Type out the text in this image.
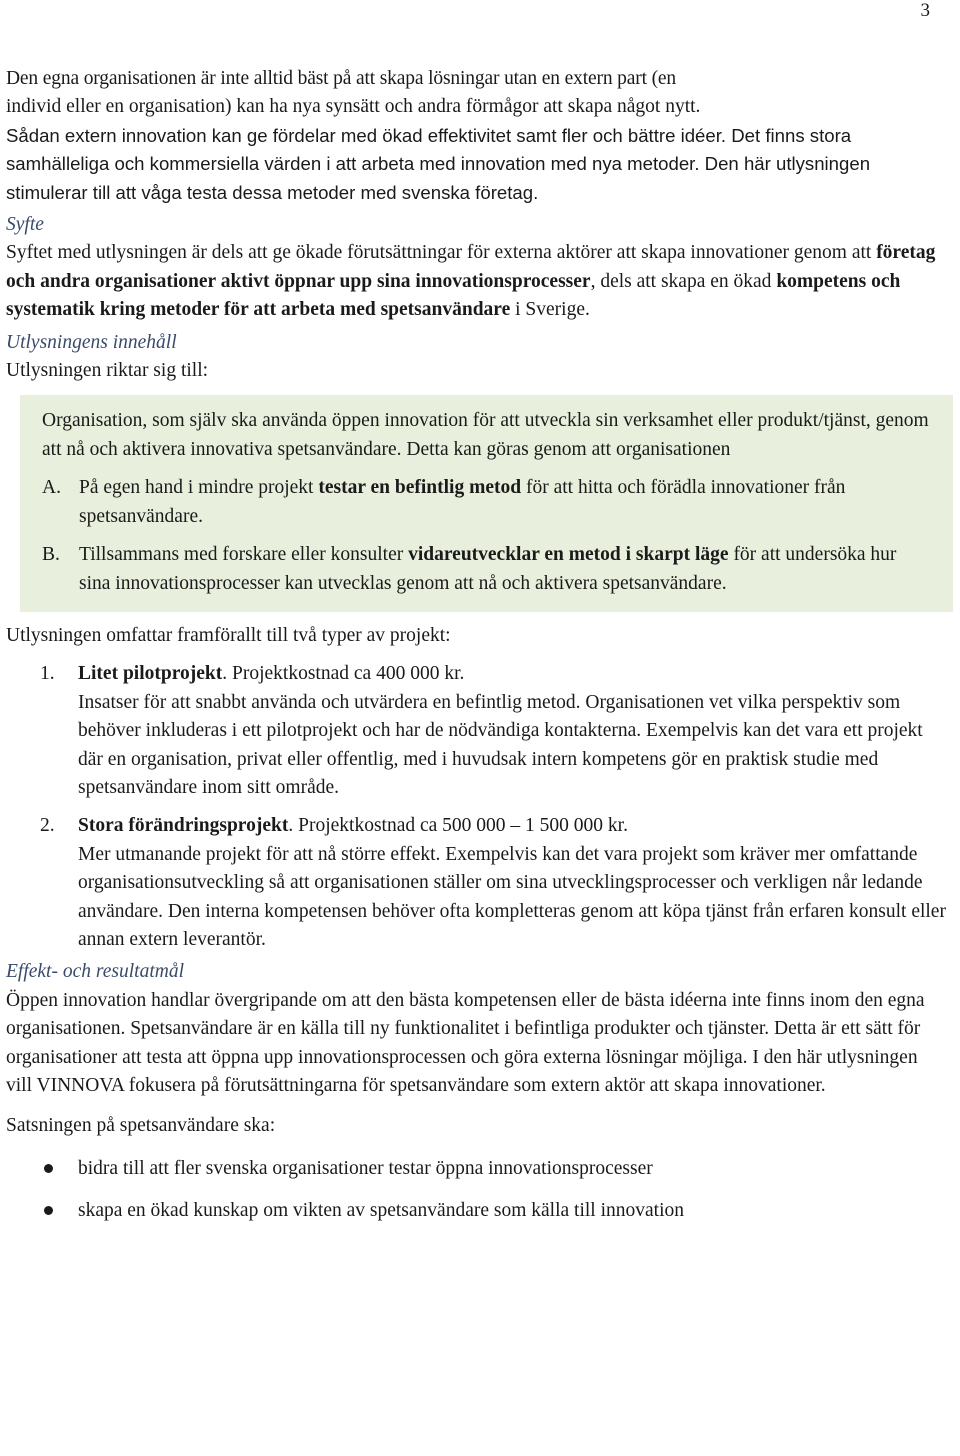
3

Den egna organisationen är inte alltid bäst på att skapa lösningar utan en extern part (en

individ eller en organisation) kan ha nya synsätt och andra förmågor att skapa något nytt.

Sådan extern innovation kan ge fördelar med ökad effektivitet samt fler och bättre idéer. Det finns stora samhälleliga och kommersiella värden i att arbeta med innovation med nya metoder. Den här utlysningen stimulerar till att våga testa dessa metoder med svenska företag.

Syfte

Syftet med utlysningen är dels att ge ökade förutsättningar för externa aktörer att skapa innovationer genom att företag och andra organisationer aktivt öppnar upp sina innovationsprocesser, dels att skapa en ökad kompetens och systematik kring metoder för att arbeta med spetsanvändare i Sverige.

Utlysningens innehåll

Utlysningen riktar sig till:

Organisation, som själv ska använda öppen innovation för att utveckla sin verksamhet eller produkt/tjänst, genom att nå och aktivera innovativa spetsanvändare. Detta kan göras genom att organisationen

A. På egen hand i mindre projekt testar en befintlig metod för att hitta och förädla innovationer från spetsanvändare.
B. Tillsammans med forskare eller konsulter vidareutvecklar en metod i skarpt läge för att undersöka hur sina innovationsprocesser kan utvecklas genom att nå och aktivera spetsanvändare.

Utlysningen omfattar framförallt till två typer av projekt:

1.	Litet pilotprojekt. Projektkostnad ca 400 000 kr.

Insatser för att snabbt använda och utvärdera en befintlig metod. Organisationen vet vilka perspektiv som behöver inkluderas i ett pilotprojekt och har de nödvändiga kontakterna. Exempelvis kan det vara ett projekt där en organisation, privat eller offentlig, med i huvudsak intern kompetens gör en praktisk studie med spetsanvändare inom sitt område.

2.	Stora förändringsprojekt. Projektkostnad ca 500 000 – 1 500 000 kr.

Mer utmanande projekt för att nå större effekt. Exempelvis kan det vara projekt som kräver mer omfattande organisationsutveckling så att organisationen ställer om sina utvecklingsprocesser och verkligen når ledande användare. Den interna kompetensen behöver ofta kompletteras genom att köpa tjänst från erfaren konsult eller annan extern leverantör.

Effekt- och resultatmål

Öppen innovation handlar övergripande om att den bästa kompetensen eller de bästa idéerna inte finns inom den egna organisationen. Spetsanvändare är en källa till ny funktionalitet i befintliga produkter och tjänster. Detta är ett sätt för organisationer att testa att öppna upp innovationsprocessen och göra externa lösningar möjliga. I den här utlysningen vill VINNOVA fokusera på förutsättningarna för spetsanvändare som extern aktör att skapa innovationer.

Satsningen på spetsanvändare ska:

bidra till att fler svenska organisationer testar öppna innovationsprocesser
skapa en ökad kunskap om vikten av spetsanvändare som källa till innovation
